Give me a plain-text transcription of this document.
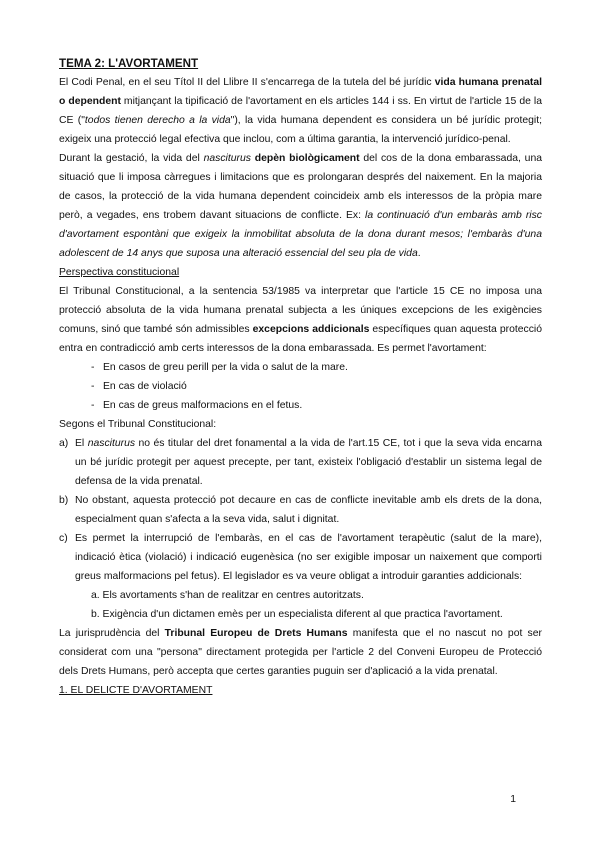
TEMA 2: L'AVORTAMENT

El Codi Penal, en el seu Títol II del Llibre II s'encarrega de la tutela del bé jurídic vida humana prenatal o dependent mitjançant la tipificació de l'avortament en els articles 144 i ss. En virtut de l'article 15 de la CE ("todos tienen derecho a la vida"), la vida humana dependent es considera un bé jurídic protegit; exigeix una protecció legal efectiva que inclou, com a última garantia, la intervenció jurídico-penal.

Durant la gestació, la vida del nasciturus depèn biològicament del cos de la dona embarassada, una situació que li imposa càrregues i limitacions que es prolongaran després del naixement. En la majoria de casos, la protecció de la vida humana dependent coincideix amb els interessos de la pròpia mare però, a vegades, ens trobem davant situacions de conflicte. Ex: la continuació d'un embaràs amb risc d'avortament espontàni que exigeix la inmobilitat absoluta de la dona durant mesos; l'embaràs d'una adolescent de 14 anys que suposa una alteració essencial del seu pla de vida.

Perspectiva constitucional

El Tribunal Constitucional, a la sentencia 53/1985 va interpretar que l'article 15 CE no imposa una protecció absoluta de la vida humana prenatal subjecta a les úniques excepcions de les exigències comuns, sinó que també són admissibles excepcions addicionals específiques quan aquesta protecció entra en contradicció amb certs interessos de la dona embarassada. Es permet l'avortament:

- En casos de greu perill per la vida o salut de la mare.
- En cas de violació
- En cas de greus malformacions en el fetus.

Segons el Tribunal Constitucional:

a) El nasciturus no és titular del dret fonamental a la vida de l'art.15 CE, tot i que la seva vida encarna un bé jurídic protegit per aquest precepte, per tant, existeix l'obligació d'establir un sistema legal de defensa de la vida prenatal.
b) No obstant, aquesta protecció pot decaure en cas de conflicte inevitable amb els drets de la dona, especialment quan s'afecta a la seva vida, salut i dignitat.
c) Es permet la interrupció de l'embaràs, en el cas de l'avortament terapèutic (salut de la mare), indicació ètica (violació) i indicació eugenèsica (no ser exigible imposar un naixement que comporti greus malformacions pel fetus). El legislador es va veure obligat a introduir garanties addicionals:
a. Els avortaments s'han de realitzar en centres autoritzats.
b. Exigència d'un dictamen emès per un especialista diferent al que practica l'avortament.

La jurisprudència del Tribunal Europeu de Drets Humans manifesta que el no nascut no pot ser considerat com una "persona" directament protegida per l'article 2 del Conveni Europeu de Protecció dels Drets Humans, però accepta que certes garanties puguin ser d'aplicació a la vida prenatal.

1. EL DELICTE D'AVORTAMENT

1
